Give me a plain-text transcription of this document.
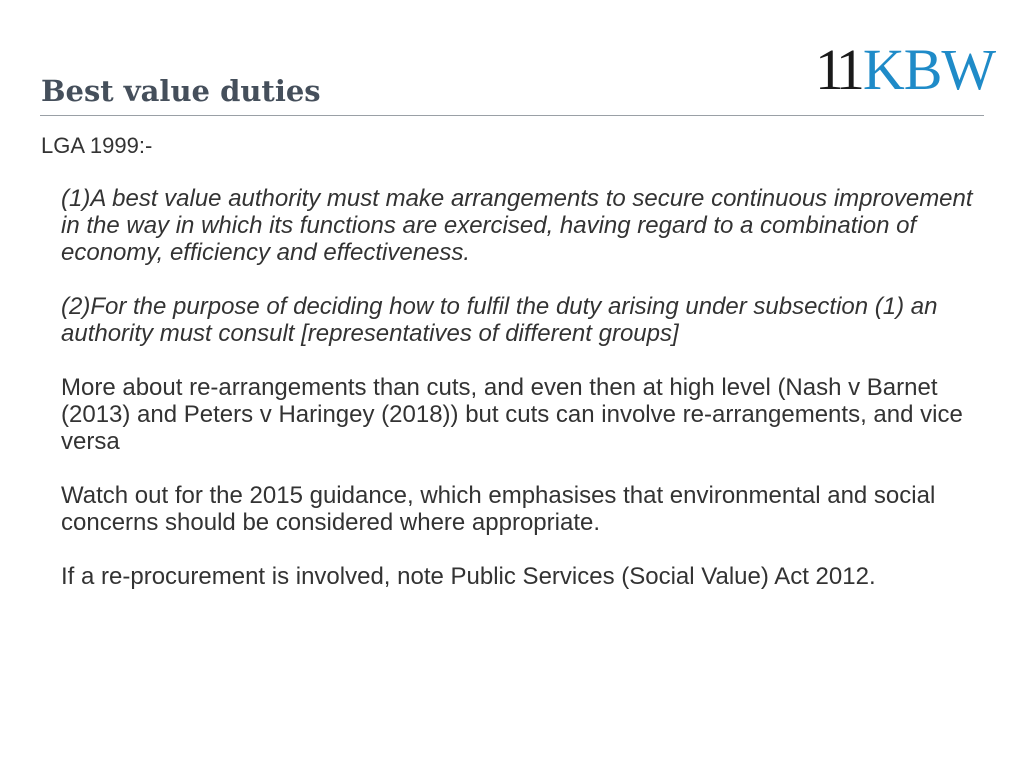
Best value duties	11KBW

LGA 1999:-

(1)A best value authority must make arrangements to secure continuous improvement in the way in which its functions are exercised, having regard to a combination of economy, efficiency and effectiveness.

(2)For the purpose of deciding how to fulfil the duty arising under subsection (1) an authority must consult [representatives of different groups]

More about re-arrangements than cuts, and even then at high level (Nash v Barnet (2013) and Peters v Haringey (2018)) but cuts can involve re-arrangements, and vice versa

Watch out for the 2015 guidance, which emphasises that environmental and social concerns should be considered where appropriate.

If a re-procurement is involved, note Public Services (Social Value) Act 2012.
